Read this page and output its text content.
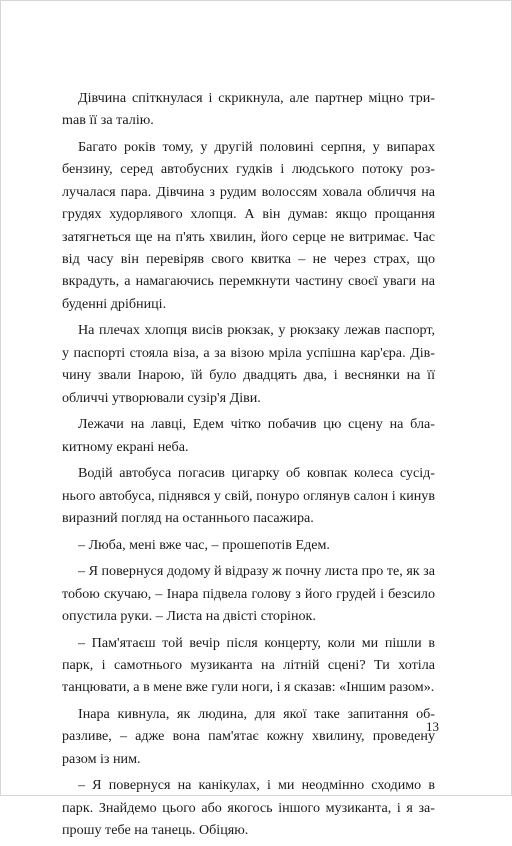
Дівчина спіткнулася і скрикнула, але партнер міцно триmав її за талію.

Багато років тому, у другій половині серпня, у випарах бензину, серед автобусних гудків і людського потоку розлучалася пара. Дівчина з рудим волоссям ховала обличчя на грудях худорлявого хлопця. А він думав: якщо прощання затягнеться ще на п'ять хвилин, його серце не витримає. Час від часу він перевіряв свого квитка – не через страх, що вкрадуть, а намагаючись перемкнути частину своєї уваги на буденні дрібниці.

На плечах хлопця висів рюкзак, у рюкзаку лежав паспорт, у паспорті стояла віза, а за візою мріла успішна кар'єра. Дівчину звали Інарою, їй було двадцять два, і веснянки на її обличчі утворювали сузір'я Діви.

Лежачи на лавці, Едем чітко побачив цю сцену на блакитному екрані неба.

Водій автобуса погасив цигарку об ковпак колеса сусіднього автобуса, піднявся у свій, понуро оглянув салон і кинув виразний погляд на останнього пасажира.

– Люба, мені вже час, – прошепотів Едем.

– Я повернуся додому й відразу ж почну листа про те, як за тобою скучаю, – Інара підвела голову з його грудей і безсило опустила руки. – Листа на двісті сторінок.

– Пам'ятаєш той вечір після концерту, коли ми пішли в парк, і самотнього музиканта на літній сцені? Ти хотіла танцювати, а в мене вже гули ноги, і я сказав: «Іншим разом».

Інара кивнула, як людина, для якої таке запитання образливе, – адже вона пам'ятає кожну хвилину, проведену разом із ним.

– Я повернуся на канікулах, і ми неодмінно сходимо в парк. Знайдемо цього або якогось іншого музиканта, і я запрошу тебе на танець. Обіцяю.

13
